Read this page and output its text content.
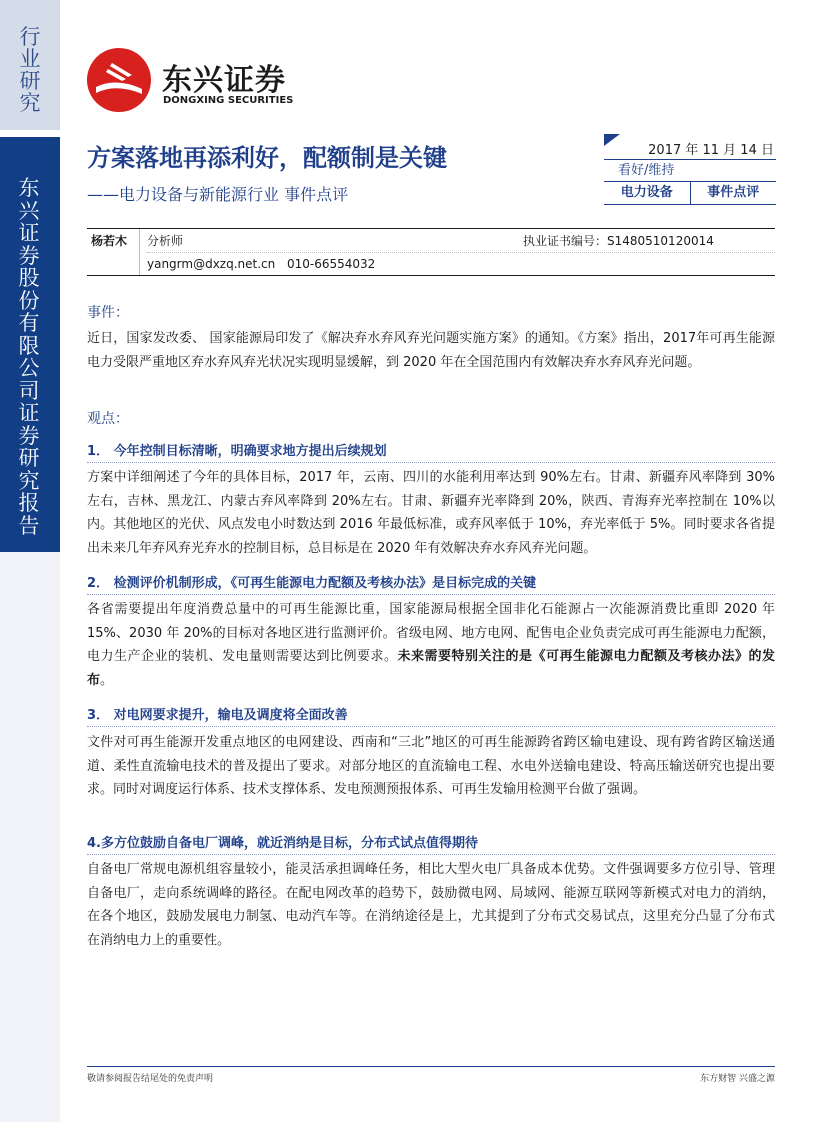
行业研究
东兴证券股份有限公司证券研究报告
东兴证券
DONGXING SECURITIES
方案落地再添利好，配额制是关键
——电力设备与新能源行业 事件点评
2017 年 11 月 14 日
看好/维持
电力设备	事件点评
杨若木	分析师	执业证书编号：S1480510120014
yangrm@dxzq.net.cn 010-66554032
事件：
近日，国家发改委、 国家能源局印发了《解决弃水弃风弃光问题实施方案》的通知。《方案》指出，2017年可再生能源电力受限严重地区弃水弃风弃光状况实现明显缓解，到 2020 年在全国范围内有效解决弃水弃风弃光问题。
观点：
1． 今年控制目标清晰，明确要求地方提出后续规划
方案中详细阐述了今年的具体目标，2017 年，云南、四川的水能利用率达到 90%左右。甘肃、新疆弃风率降到 30%左右，吉林、黑龙江、内蒙古弃风率降到 20%左右。甘肃、新疆弃光率降到 20%，陕西、青海弃光率控制在 10%以内。其他地区的光伏、风点发电小时数达到 2016 年最低标准，或弃风率低于 10%，弃光率低于 5%。同时要求各省提出未来几年弃风弃光弃水的控制目标，总目标是在 2020 年有效解决弃水弃风弃光问题。
2． 检测评价机制形成，《可再生能源电力配额及考核办法》是目标完成的关键
各省需要提出年度消费总量中的可再生能源比重，国家能源局根据全国非化石能源占一次能源消费比重即 2020 年 15%、2030 年 20%的目标对各地区进行监测评价。省级电网、地方电网、配售电企业负责完成可再生能源电力配额，电力生产企业的装机、发电量则需要达到比例要求。未来需要特别关注的是《可再生能源电力配额及考核办法》的发布。
3． 对电网要求提升，输电及调度将全面改善
文件对可再生能源开发重点地区的电网建设、西南和“三北”地区的可再生能源跨省跨区输电建设、现有跨省跨区输送通道、柔性直流输电技术的普及提出了要求。对部分地区的直流输电工程、水电外送输电建设、特高压输送研究也提出要求。同时对调度运行体系、技术支撑体系、发电预测预报体系、可再生发输用检测平台做了强调。
4.多方位鼓励自备电厂调峰，就近消纳是目标，分布式试点值得期待
自备电厂常规电源机组容量较小，能灵活承担调峰任务，相比大型火电厂具备成本优势。文件强调要多方位引导、管理自备电厂，走向系统调峰的路径。在配电网改革的趋势下，鼓励微电网、局域网、能源互联网等新模式对电力的消纳，在各个地区，鼓励发展电力制氢、电动汽车等。在消纳途径是上，尤其提到了分布式交易试点，这里充分凸显了分布式在消纳电力上的重要性。
敬请参阅报告结尾处的免责声明	东方财智 兴盛之源
